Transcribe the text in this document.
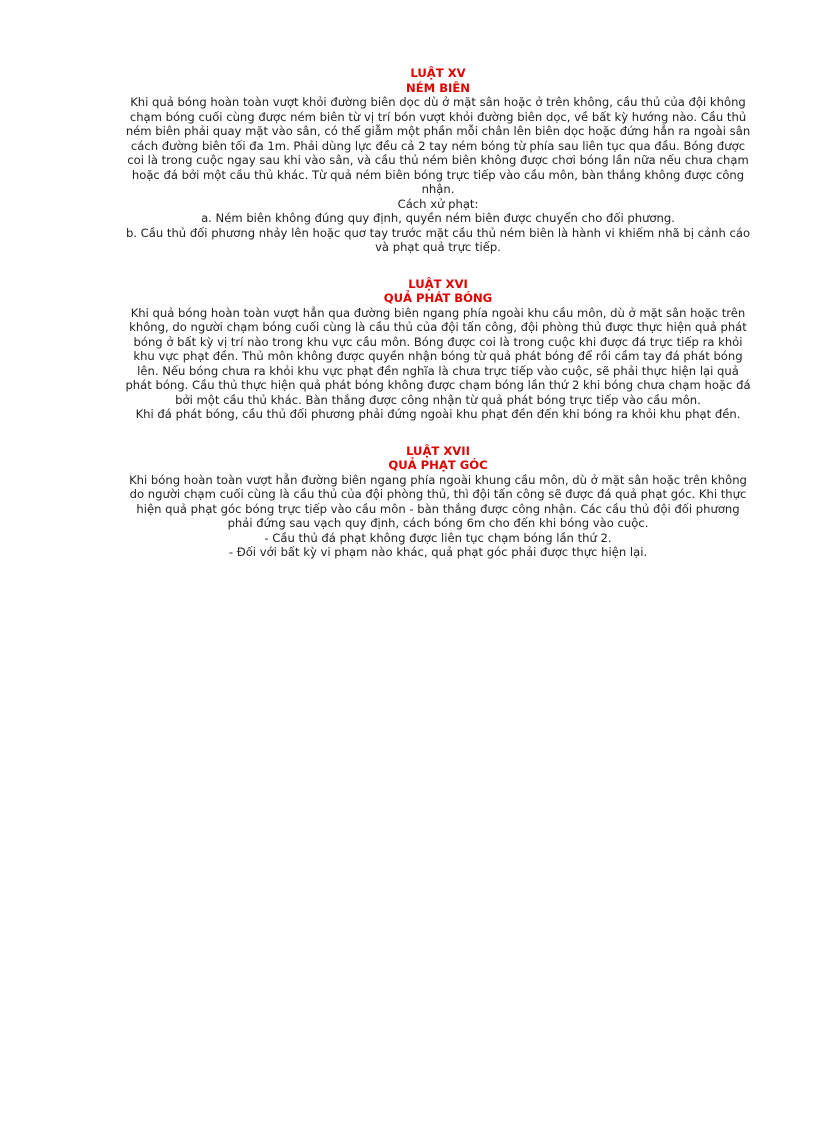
LUẬT XV
NÉM BIÊN

Khi quả bóng hoàn toàn vượt khỏi đường biên dọc dù ở mặt sân hoặc ở trên không, cầu thủ của đội không chạm bóng cuối cùng được ném biên từ vị trí bón vượt khỏi đường biên dọc, về bất kỳ hướng nào. Cầu thủ ném biên phải quay mặt vào sân, có thể giẫm một phần mỗi chân lên biên dọc hoặc đứng hẳn ra ngoài sân cách đường biên tối đa 1m. Phải dùng lực đều cả 2 tay ném bóng từ phía sau liên tục qua đầu. Bóng được coi là trong cuộc ngay sau khi vào sân, và cầu thủ ném biên không được chơi bóng lần nữa nếu chưa chạm hoặc đá bởi một cầu thủ khác. Từ quả ném biên bóng trực tiếp vào cầu môn, bàn thắng không được công nhận.

Cách xử phạt:

a. Ném biên không đúng quy định, quyền ném biên được chuyển cho đối phương.

b. Cầu thủ đối phương nhảy lên hoặc quơ tay trước mặt cầu thủ ném biên là hành vi khiếm nhã bị cảnh cáo và phạt quả trực tiếp.

LUẬT XVI
QUẢ PHÁT BÓNG

Khi quả bóng hoàn toàn vượt hẳn qua đường biên ngang phía ngoài khu cầu môn, dù ở mặt sân hoặc trên không, do người chạm bóng cuối cùng là cầu thủ của đội tấn công, đội phòng thủ được thực hiện quả phát bóng ở bất kỳ vị trí nào trong khu vực cầu môn. Bóng được coi là trong cuộc khi được đá trực tiếp ra khỏi khu vực phạt đền. Thủ môn không được quyền nhận bóng từ quả phát bóng để rồi cầm tay đá phát bóng lên. Nếu bóng chưa ra khỏi khu vực phạt đền nghĩa là chưa trực tiếp vào cuộc, sẽ phải thực hiện lại quả phát bóng. Cầu thủ thực hiện quả phát bóng không được chạm bóng lần thứ 2 khi bóng chưa chạm hoặc đá bởi một cầu thủ khác. Bàn thắng được công nhận từ quả phát bóng trực tiếp vào cầu môn.

Khi đá phát bóng, cầu thủ đối phương phải đứng ngoài khu phạt đền đến khi bóng ra khỏi khu phạt đền.

LUẬT XVII
QUẢ PHẠT GÓC

Khi bóng hoàn toàn vượt hẳn đường biên ngang phía ngoài khung cầu môn, dù ở mặt sân hoặc trên không do người chạm cuối cùng là cầu thủ của đội phòng thủ, thì đội tấn công sẽ được đá quả phạt góc. Khi thực hiện quả phạt góc bóng trực tiếp vào cầu môn - bàn thắng được công nhận. Các cầu thủ đội đối phương phải đứng sau vạch quy định, cách bóng 6m cho đến khi bóng vào cuộc.

- Cầu thủ đá phạt không được liên tục chạm bóng lần thứ 2.

- Đối với bất kỳ vi phạm nào khác, quả phạt góc phải được thực hiện lại.
